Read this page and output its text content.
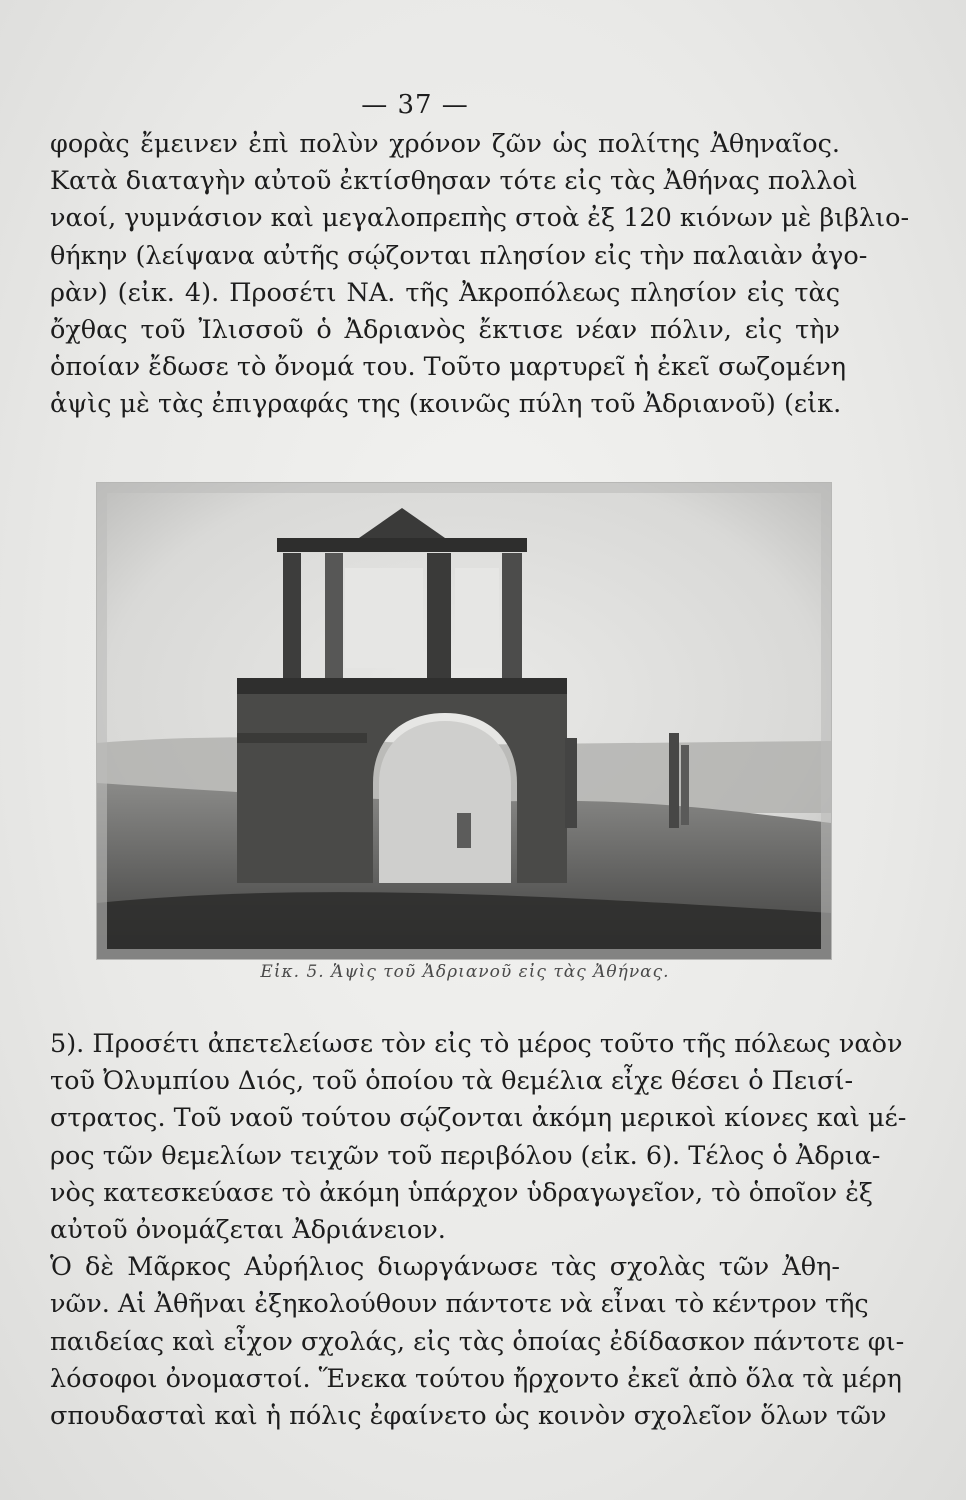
— 37 —
φορὰς ἔμεινεν ἐπὶ πολὺν χρόνον ζῶν ὡς πολίτης Ἀθηναῖος.
Κατὰ διαταγὴν αὐτοῦ ἐκτίσθησαν τότε εἰς τὰς Ἀθήνας πολλοὶ
ναοί, γυμνάσιον καὶ μεγαλοπρεπὴς στοὰ ἐξ 120 κιόνων μὲ βιβλιο-
θήκην (λείψανα αὐτῆς σῴζονται πλησίον εἰς τὴν παλαιὰν ἀγο-
ρὰν) (εἰκ. 4). Προσέτι ΝΑ. τῆς Ἀκροπόλεως πλησίον εἰς τὰς
ὄχθας τοῦ Ἰλισσοῦ ὁ Ἀδριανὸς ἔκτισε νέαν πόλιν, εἰς τὴν
ὁποίαν ἔδωσε τὸ ὄνομά του. Τοῦτο μαρτυρεῖ ἡ ἐκεῖ σωζομένη
ἁψὶς μὲ τὰς ἐπιγραφάς της (κοινῶς πύλη τοῦ Ἀδριανοῦ) (εἰκ.
Εἰκ. 5. Ἁψὶς τοῦ Ἀδριανοῦ εἰς τὰς Ἀθήνας.
5). Προσέτι ἀπετελείωσε τὸν εἰς τὸ μέρος τοῦτο τῆς πόλεως ναὸν
τοῦ Ὀλυμπίου Διός, τοῦ ὁποίου τὰ θεμέλια εἶχε θέσει ὁ Πεισί-
στρατος. Τοῦ ναοῦ τούτου σῴζονται ἀκόμη μερικοὶ κίονες καὶ μέ-
ρος τῶν θεμελίων τειχῶν τοῦ περιβόλου (εἰκ. 6). Τέλος ὁ Ἀδρια-
νὸς κατεσκεύασε τὸ ἀκόμη ὑπάρχον ὑδραγωγεῖον, τὸ ὁποῖον ἐξ
αὐτοῦ ὀνομάζεται Ἀδριάνειον.
Ὁ δὲ Μᾶρκος Αὐρήλιος διωργάνωσε τὰς σχολὰς τῶν Ἀθη-
νῶν. Αἱ Ἀθῆναι ἐξηκολούθουν πάντοτε νὰ εἶναι τὸ κέντρον τῆς
παιδείας καὶ εἶχον σχολάς, εἰς τὰς ὁποίας ἐδίδασκον πάντοτε φι-
λόσοφοι ὀνομαστοί. Ἕνεκα τούτου ἤρχοντο ἐκεῖ ἀπὸ ὅλα τὰ μέρη
σπουδασταὶ καὶ ἡ πόλις ἐφαίνετο ὡς κοινὸν σχολεῖον ὅλων τῶν
